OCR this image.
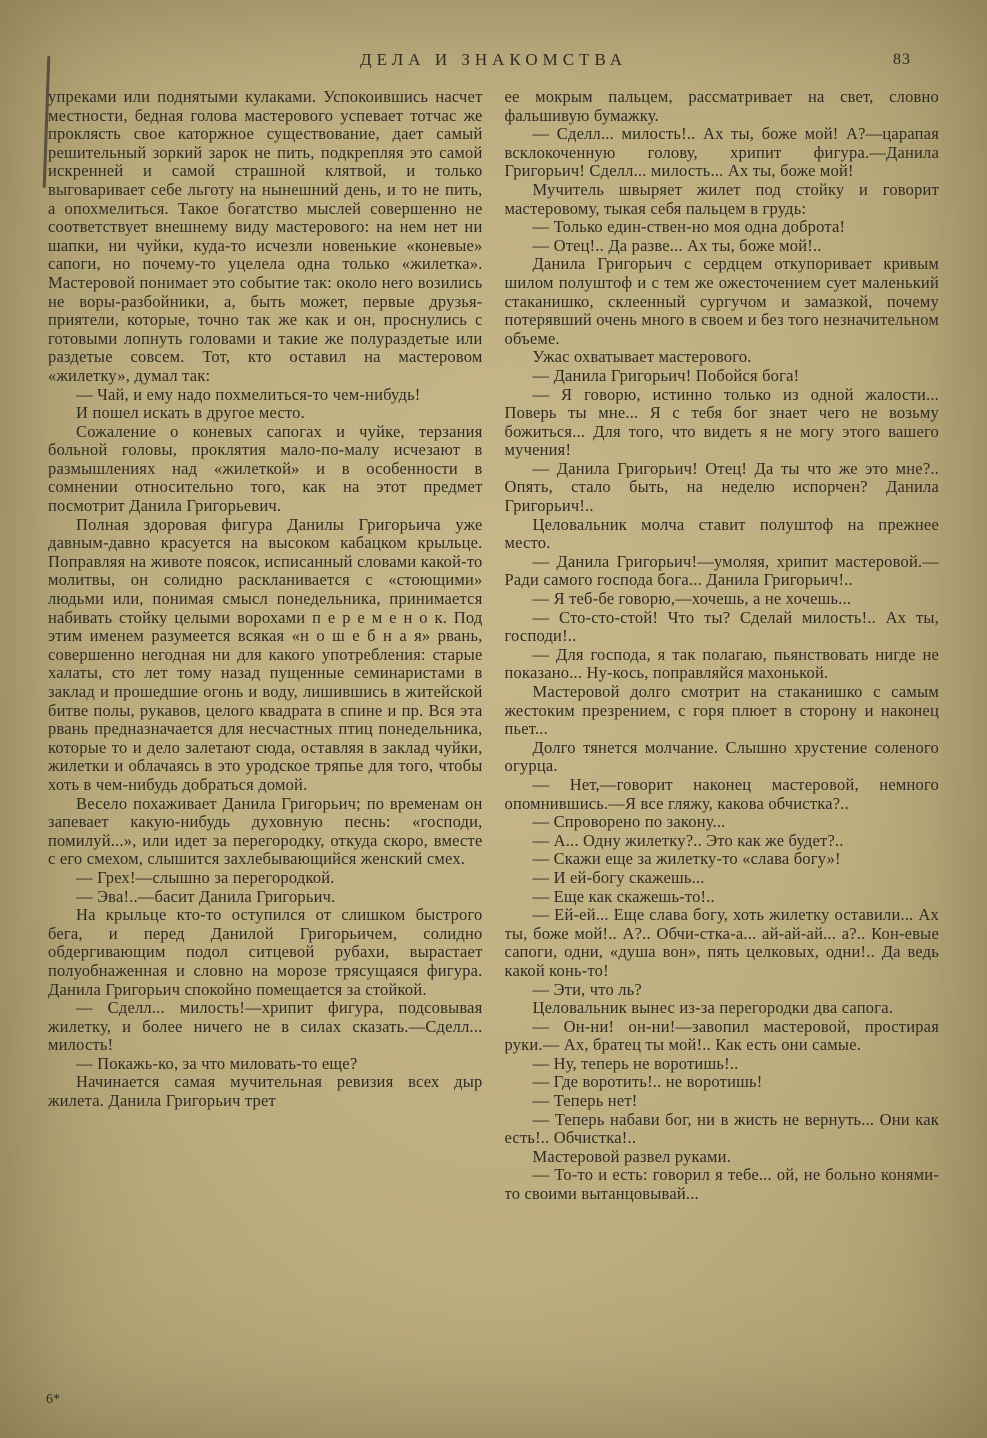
ДЕЛА И ЗНАКОМСТВА	83

упреками или поднятыми кулаками. Успокоившись насчет местности, бедная голова мастерового успевает тотчас же проклясть свое каторжное существование, дает самый решительный зоркий зарок не пить, подкрепляя это самой искренней и самой страшной клятвой, и только выговаривает себе льготу на нынешний день, и то не пить, а опохмелиться. Такое богатство мыслей совершенно не соответствует внешнему виду мастерового: на нем нет ни шапки, ни чуйки, куда-то исчезли новенькие «коневые» сапоги, но почему-то уцелела одна только «жилетка». Мастеровой понимает это событие так: около него возились не воры-разбойники, а, быть может, первые друзья-приятели, которые, точно так же как и он, проснулись с готовыми лопнуть головами и такие же полураздетые или раздетые совсем. Тот, кто оставил на мастеровом «жилетку», думал так:

— Чай, и ему надо похмелиться-то чем-нибудь!

И пошел искать в другое место.

Сожаление о коневых сапогах и чуйке, терзания больной головы, проклятия мало-по-малу исчезают в размышлениях над «жилеткой» и в особенности в сомнении относительно того, как на этот предмет посмотрит Данила Григорьевич.

Полная здоровая фигура Данилы Григорьича уже давным-давно красуется на высоком кабацком крыльце. Поправляя на животе поясок, исписанный словами какой-то молитвы, он солидно раскланивается с «стоющими» людьми или, понимая смысл понедельника, принимается набивать стойку целыми ворохами п е р е м е н о к. Под этим именем разумеется всякая «н о ш е б н а я» рвань, совершенно негодная ни для какого употребления: старые халаты, сто лет тому назад пущенные семинаристами в заклад и прошедшие огонь и воду, лишившись в житейской битве полы, рукавов, целого квадрата в спине и пр. Вся эта рвань предназначается для несчастных птиц понедельника, которые то и дело залетают сюда, оставляя в заклад чуйки, жилетки и облачаясь в это уродское тряпье для того, чтобы хоть в чем-нибудь добраться домой.

Весело похаживает Данила Григорьич; по временам он запевает какую-нибудь духовную песнь: «господи, помилуй...», или идет за перегородку, откуда скоро, вместе с его смехом, слышится захлебывающийся женский смех.

— Грех!—слышно за перегородкой.

— Эва!..—басит Данила Григорьич.

На крыльце кто-то оступился от слишком быстрого бега, и перед Данилой Григорьичем, солидно обдергивающим подол ситцевой рубахи, вырастает полуобнаженная и словно на морозе трясущаяся фигура. Данила Григорьич спокойно помещается за стойкой.

— Сделл... милость!—хрипит фигура, подсовывая жилетку, и более ничего не в силах сказать.—Сделл... милость!

— Покажь-ко, за что миловать-то еще?

Начинается самая мучительная ревизия всех дыр жилета. Данила Григорьич трет

ее мокрым пальцем, рассматривает на свет, словно фальшивую бумажку.

— Сделл... милость!.. Ах ты, боже мой! А?—царапая всклокоченную голову, хрипит фигура.—Данила Григорьич! Сделл... милость... Ах ты, боже мой!

Мучитель швыряет жилет под стойку и говорит мастеровому, тыкая себя пальцем в грудь:

— Только един-ствен-но моя одна доброта!

— Отец!.. Да разве... Ах ты, боже мой!..

Данила Григорьич с сердцем откупоривает кривым шилом полуштоф и с тем же ожесточением сует маленький стаканишко, склеенный сургучом и замазкой, почему потерявший очень много в своем и без того незначительном объеме.

Ужас охватывает мастерового.

— Данила Григорьич! Побойся бога!

— Я говорю, истинно только из одной жалости... Поверь ты мне... Я с тебя бог знает чего не возьму божиться... Для того, что видеть я не могу этого вашего мучения!

— Данила Григорьич! Отец! Да ты что же это мне?.. Опять, стало быть, на неделю испорчен? Данила Григорьич!..

Целовальник молча ставит полуштоф на прежнее место.

— Данила Григорьич!—умоляя, хрипит мастеровой.—Ради самого господа бога... Данила Григорьич!..

— Я теб-бе говорю,—хочешь, а не хочешь...

— Сто-сто-стой! Что ты? Сделай милость!.. Ах ты, господи!..

— Для господа, я так полагаю, пьянствовать нигде не показано... Ну-кось, поправляйся махонькой.

Мастеровой долго смотрит на стаканишко с самым жестоким презрением, с горя плюет в сторону и наконец пьет...

Долго тянется молчание. Слышно хрустение соленого огурца.

— Нет,—говорит наконец мастеровой, немного опомнившись.—Я все гляжу, какова обчистка?..

— Спроворено по закону...

— А... Одну жилетку?.. Это как же будет?..

— Скажи еще за жилетку-то «слава богу»!

— И ей-богу скажешь...

— Еще как скажешь-то!..

— Ей-ей... Еще слава богу, хоть жилетку оставили... Ах ты, боже мой!.. А?.. Обчи-стка-а... ай-ай-ай... а?.. Кон-евые сапоги, одни, «душа вон», пять целковых, одни!.. Да ведь какой конь-то!

— Эти, что ль?

Целовальник вынес из-за перегородки два сапога.

— Он-ни! он-ни!—завопил мастеровой, простирая руки.— Ах, братец ты мой!.. Как есть они самые.

— Ну, теперь не воротишь!..

— Где воротить!.. не воротишь!

— Теперь нет!

— Теперь набави бог, ни в жисть не вернуть... Они как есть!.. Обчистка!..

Мастеровой развел руками.

— То-то и есть: говорил я тебе... ой, не больно конями-то своими вытанцовывай...

6*
